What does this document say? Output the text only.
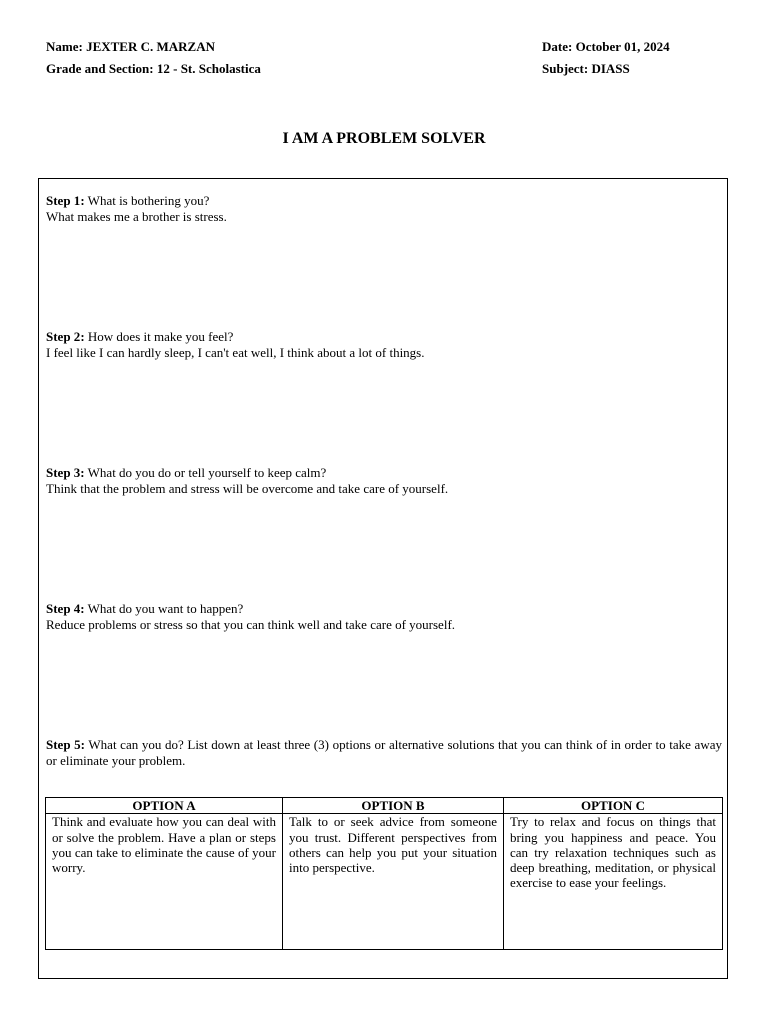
Name: JEXTER C. MARZAN
Grade and Section: 12 - St. Scholastica
Date: October 01, 2024
Subject: DIASS
I AM A PROBLEM SOLVER
Step 1: What is bothering you?
What makes me a brother is stress.
Step 2: How does it make you feel?
I feel like I can hardly sleep, I can't eat well, I think about a lot of things.
Step 3: What do you do or tell yourself to keep calm?
Think that the problem and stress will be overcome and take care of yourself.
Step 4: What do you want to happen?
Reduce problems or stress so that you can think well and take care of yourself.
Step 5: What can you do? List down at least three (3) options or alternative solutions that you can think of in order to take away or eliminate your problem.
OPTION A	OPTION B	OPTION C
Think and evaluate how you can deal with or solve the problem. Have a plan or steps you can take to eliminate the cause of your worry.	Talk to or seek advice from someone you trust. Different perspectives from others can help you put your situation into perspective.	Try to relax and focus on things that bring you happiness and peace. You can try relaxation techniques such as deep breathing, meditation, or physical exercise to ease your feelings.
